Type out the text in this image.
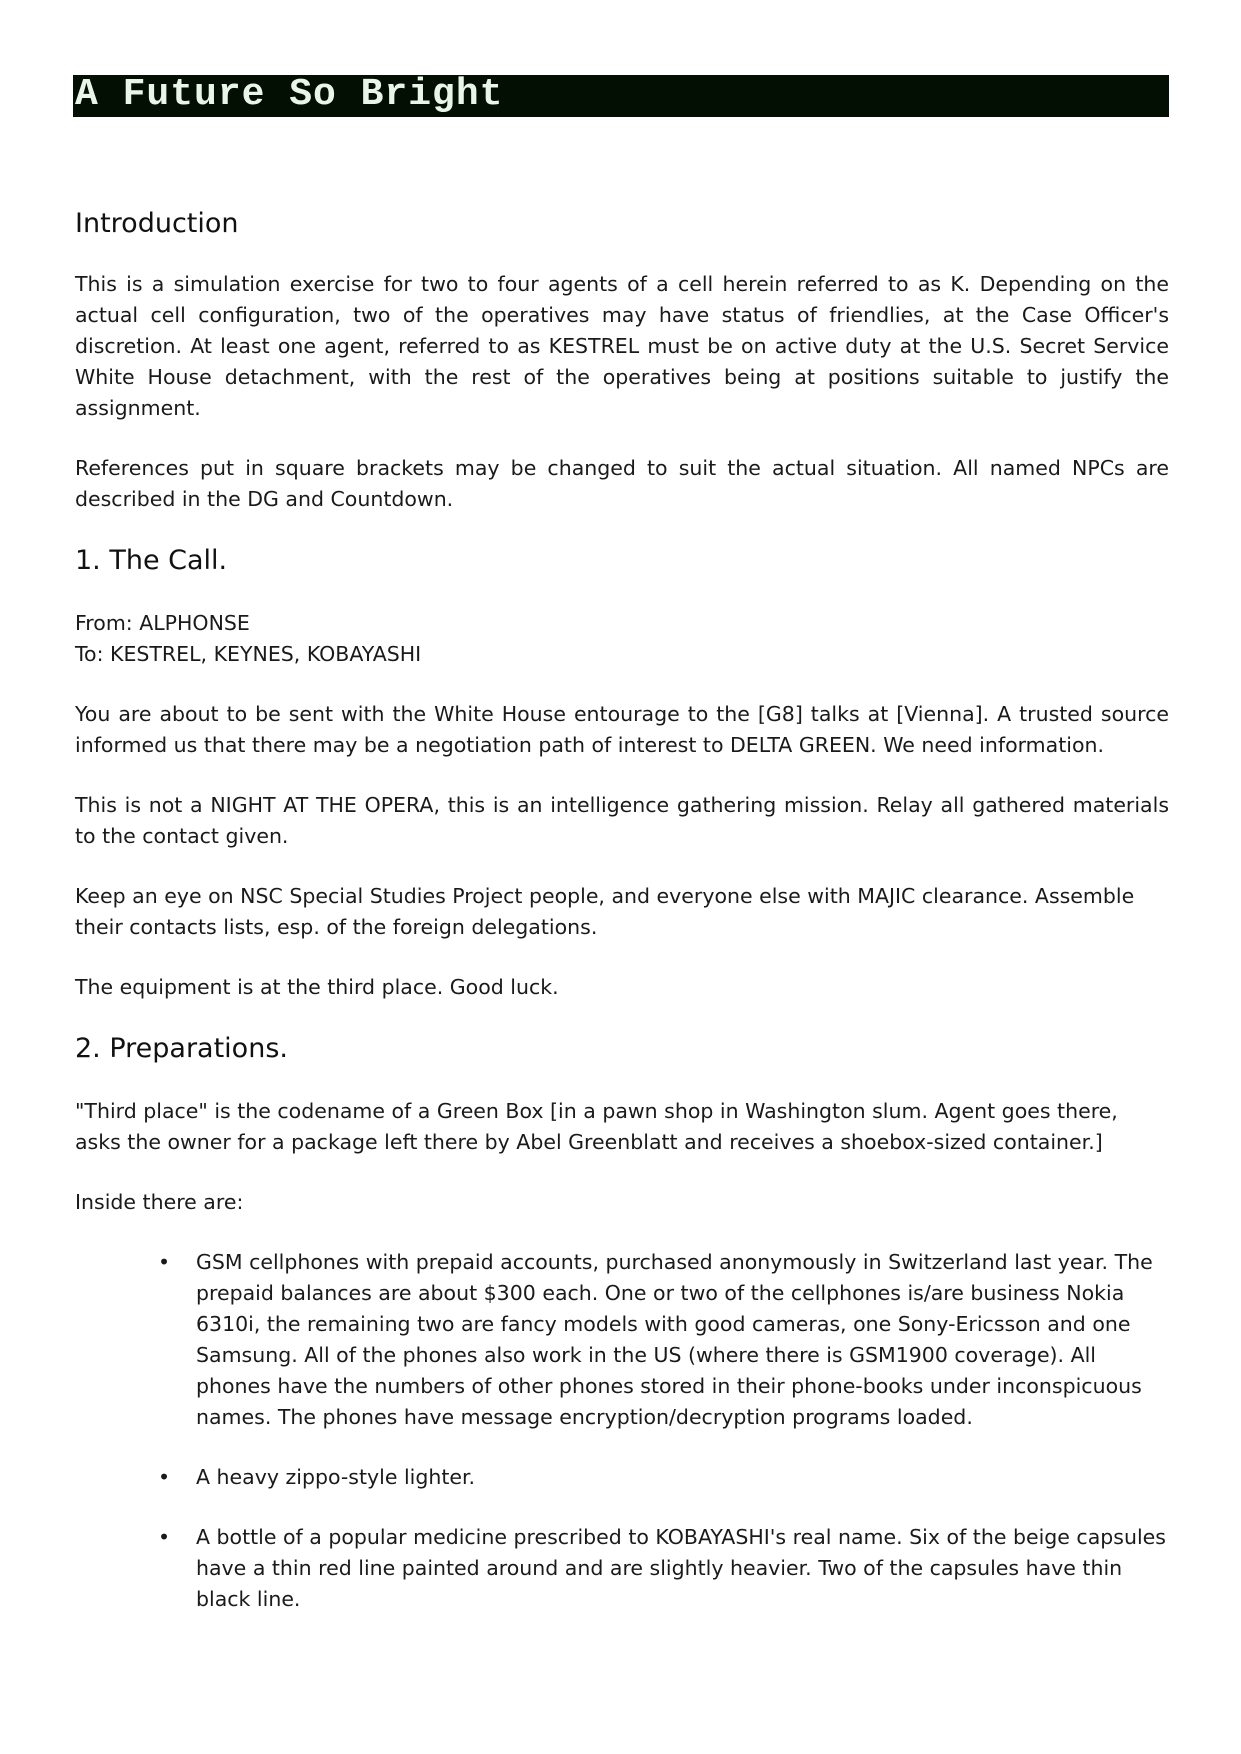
A Future So Bright
Introduction

This is a simulation exercise for two to four agents of a cell herein referred to as K. Depending on the actual cell configuration, two of the operatives may have status of friendlies, at the Case Officer's discretion. At least one agent, referred to as KESTREL must be on active duty at the U.S. Secret Service White House detachment, with the rest of the operatives being at positions suitable to justify the assignment.

References put in square brackets may be changed to suit the actual situation. All named NPCs are described in the DG and Countdown.

1. The Call.
From: ALPHONSE
To: KESTREL, KEYNES, KOBAYASHI

You are about to be sent with the White House entourage to the [G8] talks at [Vienna]. A trusted source informed us that there may be a negotiation path of interest to DELTA GREEN. We need information.

This is not a NIGHT AT THE OPERA, this is an intelligence gathering mission. Relay all gathered materials to the contact given.

Keep an eye on NSC Special Studies Project people, and everyone else with MAJIC clearance. Assemble their contacts lists, esp. of the foreign delegations.

The equipment is at the third place. Good luck.

2. Preparations.

"Third place" is the codename of a Green Box [in a pawn shop in Washington slum. Agent goes there, asks the owner for a package left there by Abel Greenblatt and receives a shoebox-sized container.]

Inside there are:

• GSM cellphones with prepaid accounts, purchased anonymously in Switzerland last year. The prepaid balances are about $300 each. One or two of the cellphones is/are business Nokia 6310i, the remaining two are fancy models with good cameras, one Sony-Ericsson and one Samsung. All of the phones also work in the US (where there is GSM1900 coverage). All phones have the numbers of other phones stored in their phone-books under inconspicuous names. The phones have message encryption/decryption programs loaded.
• A heavy zippo-style lighter.
• A bottle of a popular medicine prescribed to KOBAYASHI's real name. Six of the beige capsules have a thin red line painted around and are slightly heavier. Two of the capsules have thin black line.
